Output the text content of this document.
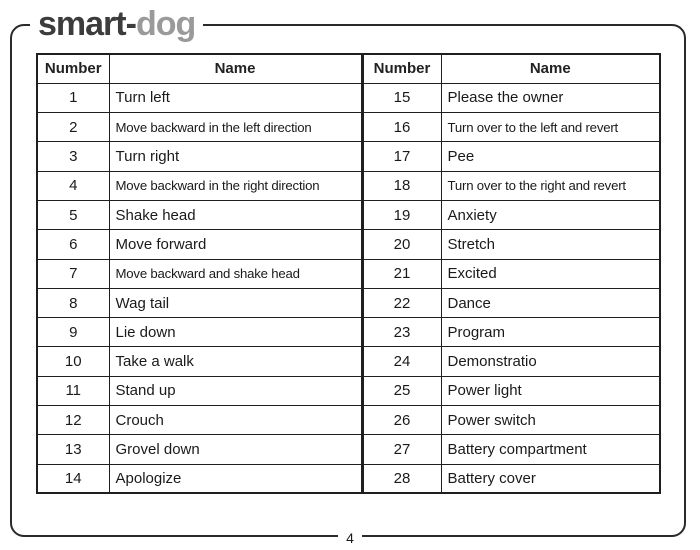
smart-dog
Number	Name	Number	Name
1	Turn left	15	Please the owner
2	Move backward in the left direction	16	Turn over to the left and revert
3	Turn right	17	Pee
4	Move backward in the right direction	18	Turn over to the right and revert
5	Shake head	19	Anxiety
6	Move forward	20	Stretch
7	Move backward and shake head	21	Excited
8	Wag tail	22	Dance
9	Lie down	23	Program
10	Take a walk	24	Demonstratio
11	Stand up	25	Power light
12	Crouch	26	Power switch
13	Grovel down	27	Battery compartment
14	Apologize	28	Battery cover
4
